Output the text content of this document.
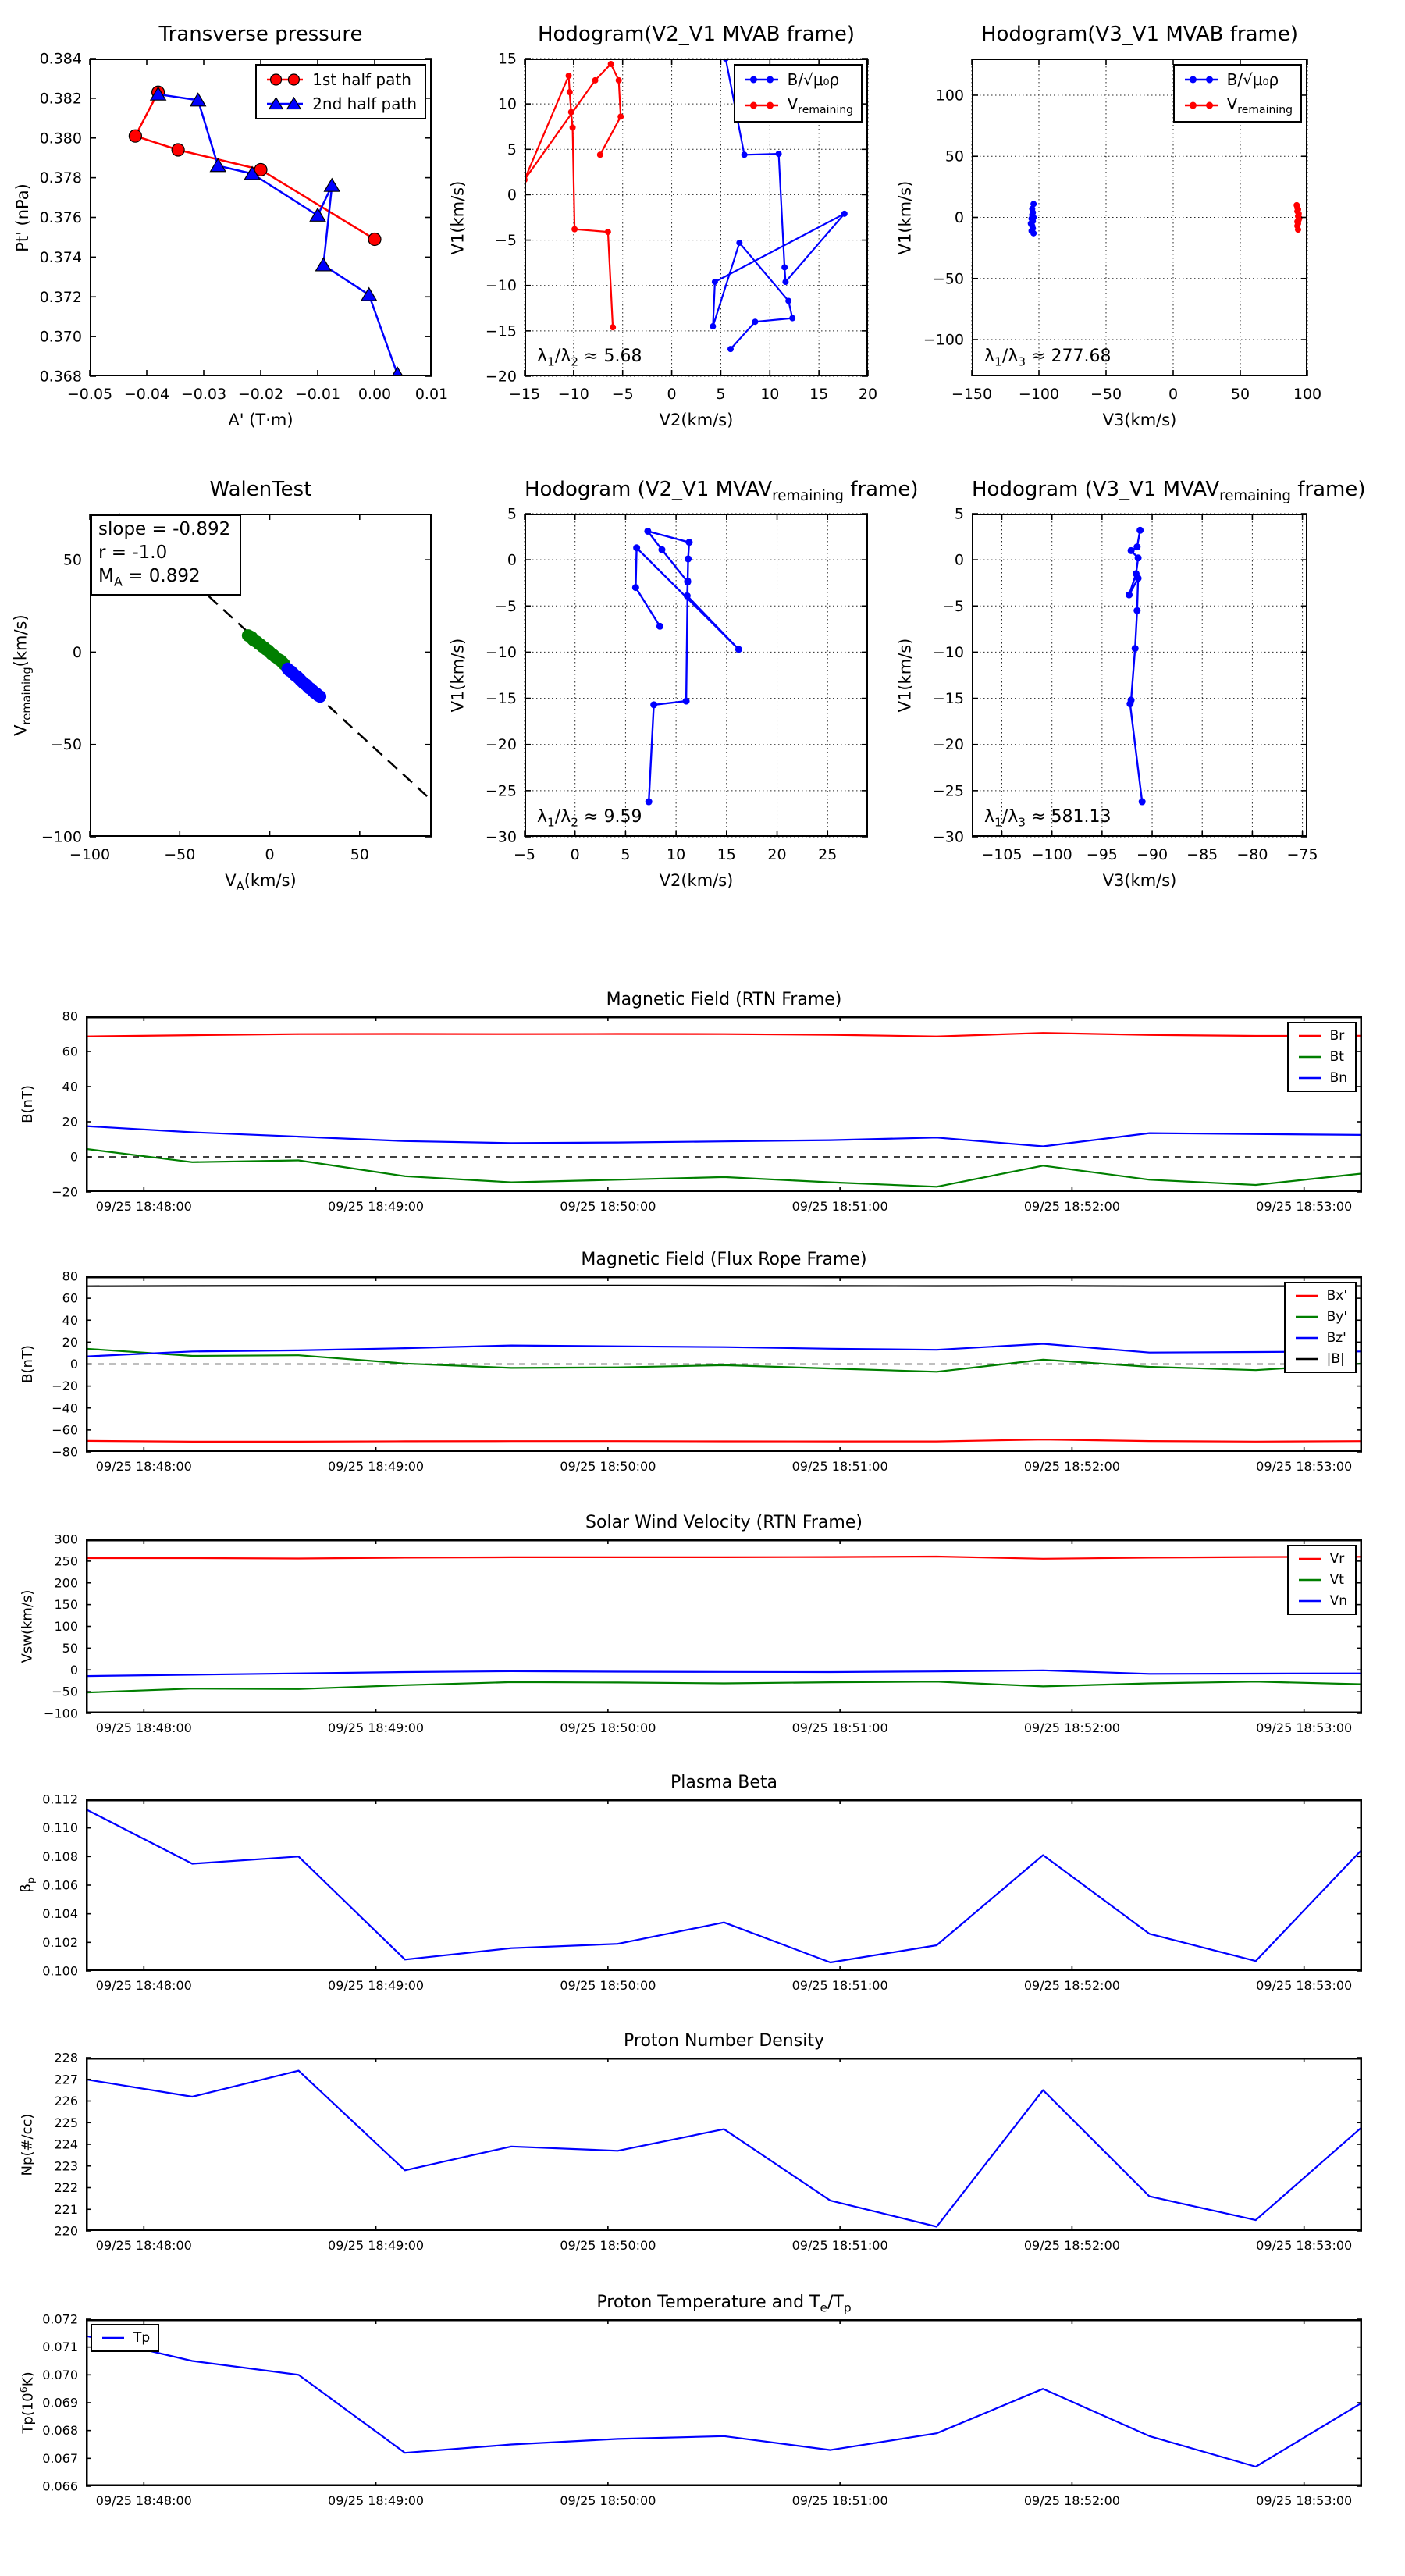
Transverse pressure
Pt' (nPa)
A' (T·m)
−0.05 −0.04 −0.03 −0.02 −0.01 0.00 0.01
0.368
0.370
0.372
0.374
0.376
0.378
0.380
0.382
0.384
1st half path
2nd half path
Hodogram(V2_V1 MVAB frame)
V1(km/s)
V2(km/s)
−15 −10 −5 0	5 10 15 20
−20
−15
−10
−5
0
5
10
15
B/√μ₀ρ
$V_{remaining}$
$\lambda_1/\lambda_2 \approx 5.68$
Hodogram(V3_V1 MVAB frame)
V1(km/s)
V3(km/s)
−150 −100 −50	0	50	100
−100
−50
0
50
100
B/√μ₀ρ
$V_{remaining}$
$\lambda_1/\lambda_3 \approx 277.68$
WalenTest
$V_{remaining}(km/s)$
$V_A(km/s)$
−100	−50	0	50
−100
−50
0
50
slope = -0.892
r = -1.0
$M_A = 0.892$
Hodogram (V2_V1 $MVAV_{remaining}$ frame)
V1(km/s)
V2(km/s)
−5 0	5 10 15 20 25
−30
−25
−20
−15
−10
−5
0
5
$\lambda_1/\lambda_2 \approx 9.59$
Hodogram (V3_V1 $MVAV_{remaining}$ frame)
V1(km/s)
V3(km/s)
−105 −100 −95 −90 −85 −80 −75
−30
−25
−20
−15
−10
−5
0
5
$\lambda_1/\lambda_3 \approx 581.13$
Magnetic Field (RTN Frame)
B(nT)
09/25 18:48:00	09/25 18:49:00	09/25 18:50:00	09/25 18:51:00	09/25 18:52:00	09/25 18:53:00
−20
0
20
40
60
80
Br
Bt
Bn
Magnetic Field (Flux Rope Frame)
B(nT)
09/25 18:48:00	09/25 18:49:00	09/25 18:50:00	09/25 18:51:00	09/25 18:52:00	09/25 18:53:00
−80
−60
−40
−20
0
20
40
60
80
Bx'
By'
Bz'
|B|
Solar Wind Velocity (RTN Frame)
Vsw(km/s)
09/25 18:48:00	09/25 18:49:00	09/25 18:50:00	09/25 18:51:00	09/25 18:52:00	09/25 18:53:00
−100
−50
0
50
100
150
200
250
300
Vr
Vt
Vn
Plasma Beta
$\beta_p$
09/25 18:48:00	09/25 18:49:00	09/25 18:50:00	09/25 18:51:00	09/25 18:52:00	09/25 18:53:00
0.100
0.102
0.104
0.106
0.108
0.110
0.112
Proton Number Density
Np(#/cc)
09/25 18:48:00	09/25 18:49:00	09/25 18:50:00	09/25 18:51:00	09/25 18:52:00	09/25 18:53:00
220
221
222
223
224
225
226
227
228
Proton Temperature and $T_e/T_p$
$Tp(10^6K)$
09/25 18:48:00	09/25 18:49:00	09/25 18:50:00	09/25 18:51:00	09/25 18:52:00	09/25 18:53:00
0.066
0.067
0.068
0.069
0.070
0.071
0.072
Tp
